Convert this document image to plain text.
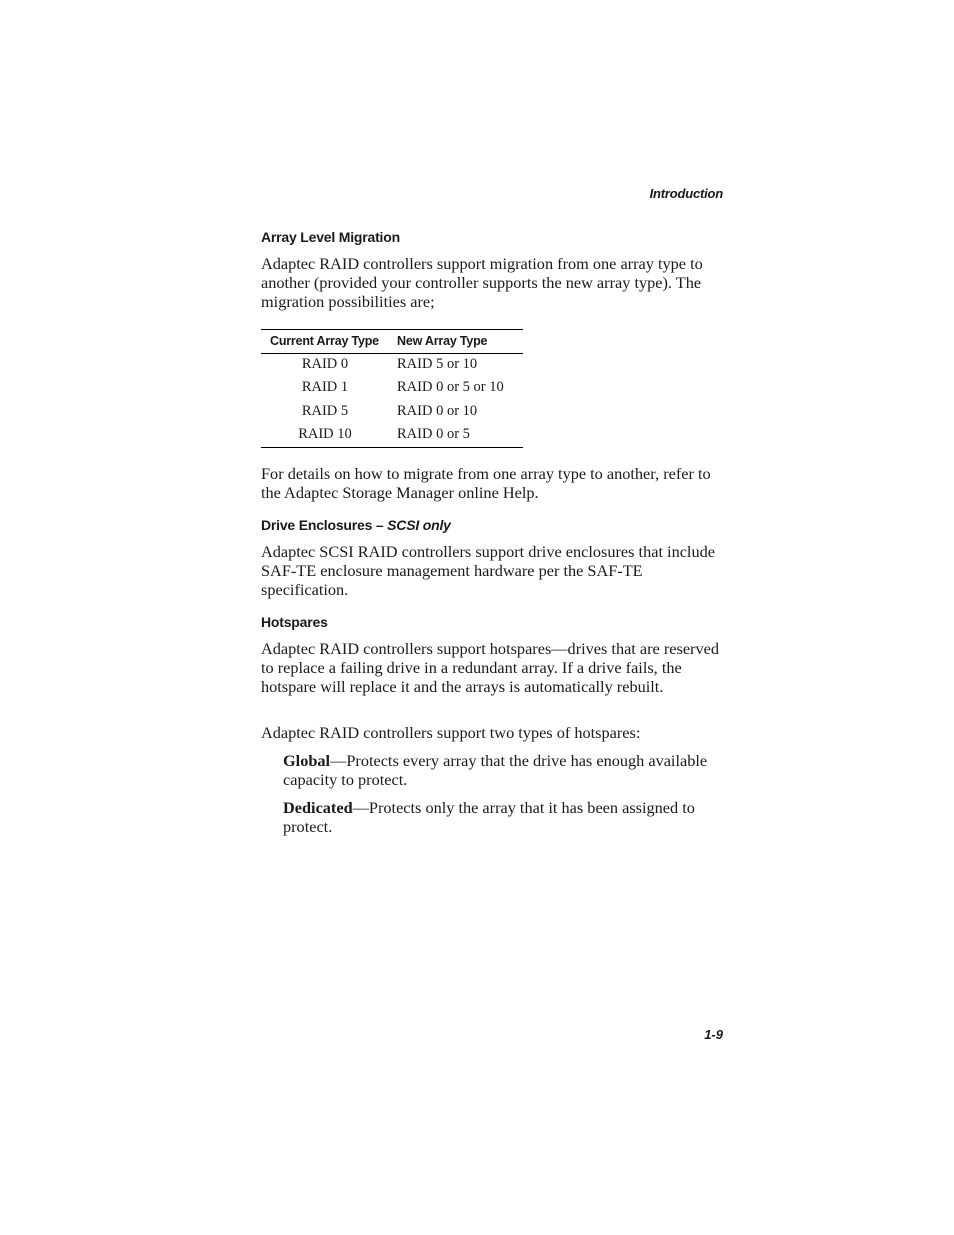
Introduction
Array Level Migration
Adaptec RAID controllers support migration from one array type to another (provided your controller supports the new array type). The migration possibilities are;
Current Array Type New Array Type
RAID 0	RAID 5 or 10
RAID 1	RAID 0 or 5 or 10
RAID 5	RAID 0 or 10
RAID 10	RAID 0 or 5
For details on how to migrate from one array type to another, refer to the Adaptec Storage Manager online Help.
Drive Enclosures – SCSI only
Adaptec SCSI RAID controllers support drive enclosures that include SAF-TE enclosure management hardware per the SAF-TE specification.
Hotspares
Adaptec RAID controllers support hotspares—drives that are reserved to replace a failing drive in a redundant array. If a drive fails, the hotspare will replace it and the arrays is automatically rebuilt.
Adaptec RAID controllers support two types of hotspares:
Global—Protects every array that the drive has enough available capacity to protect.
Dedicated—Protects only the array that it has been assigned to protect.
1-9
